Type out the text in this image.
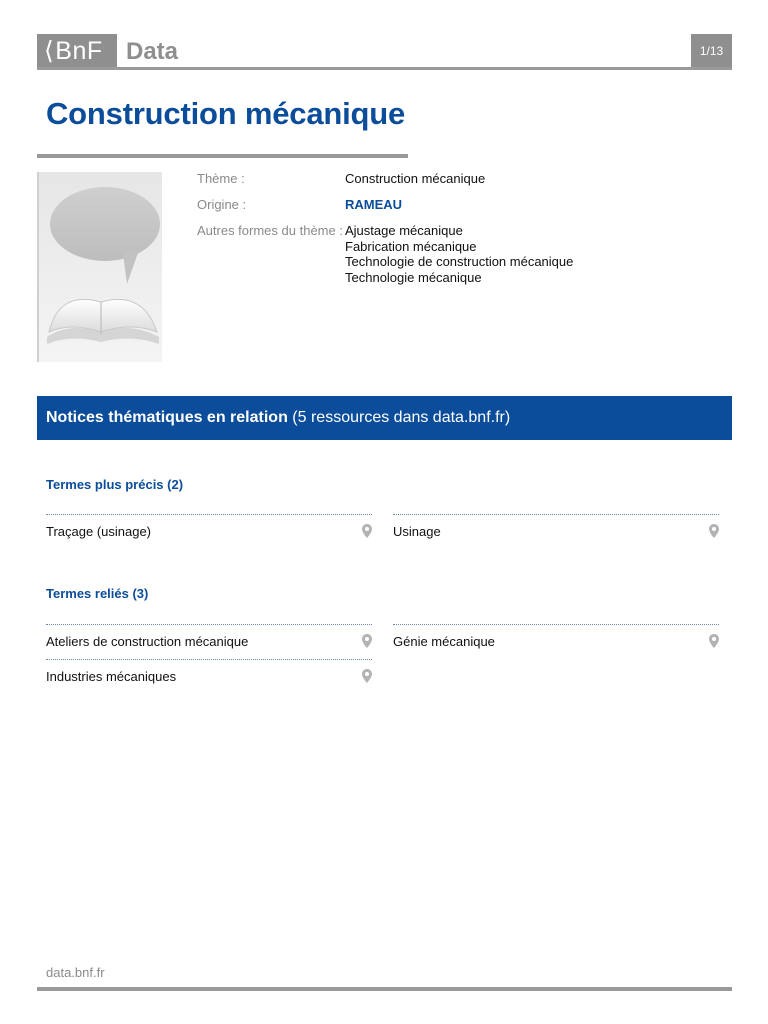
⟨BnF Data	1/13
Construction mécanique
Thème :	Construction mécanique
Origine :	RAMEAU
Autres formes du thème : Ajustage mécanique
Fabrication mécanique
Technologie de construction mécanique
Technologie mécanique
Notices thématiques en relation (5 ressources dans data.bnf.fr)
Termes plus précis (2)
Traçage (usinage)	Usinage
Termes reliés (3)
Ateliers de construction mécanique	Génie mécanique
Industries mécaniques
data.bnf.fr
